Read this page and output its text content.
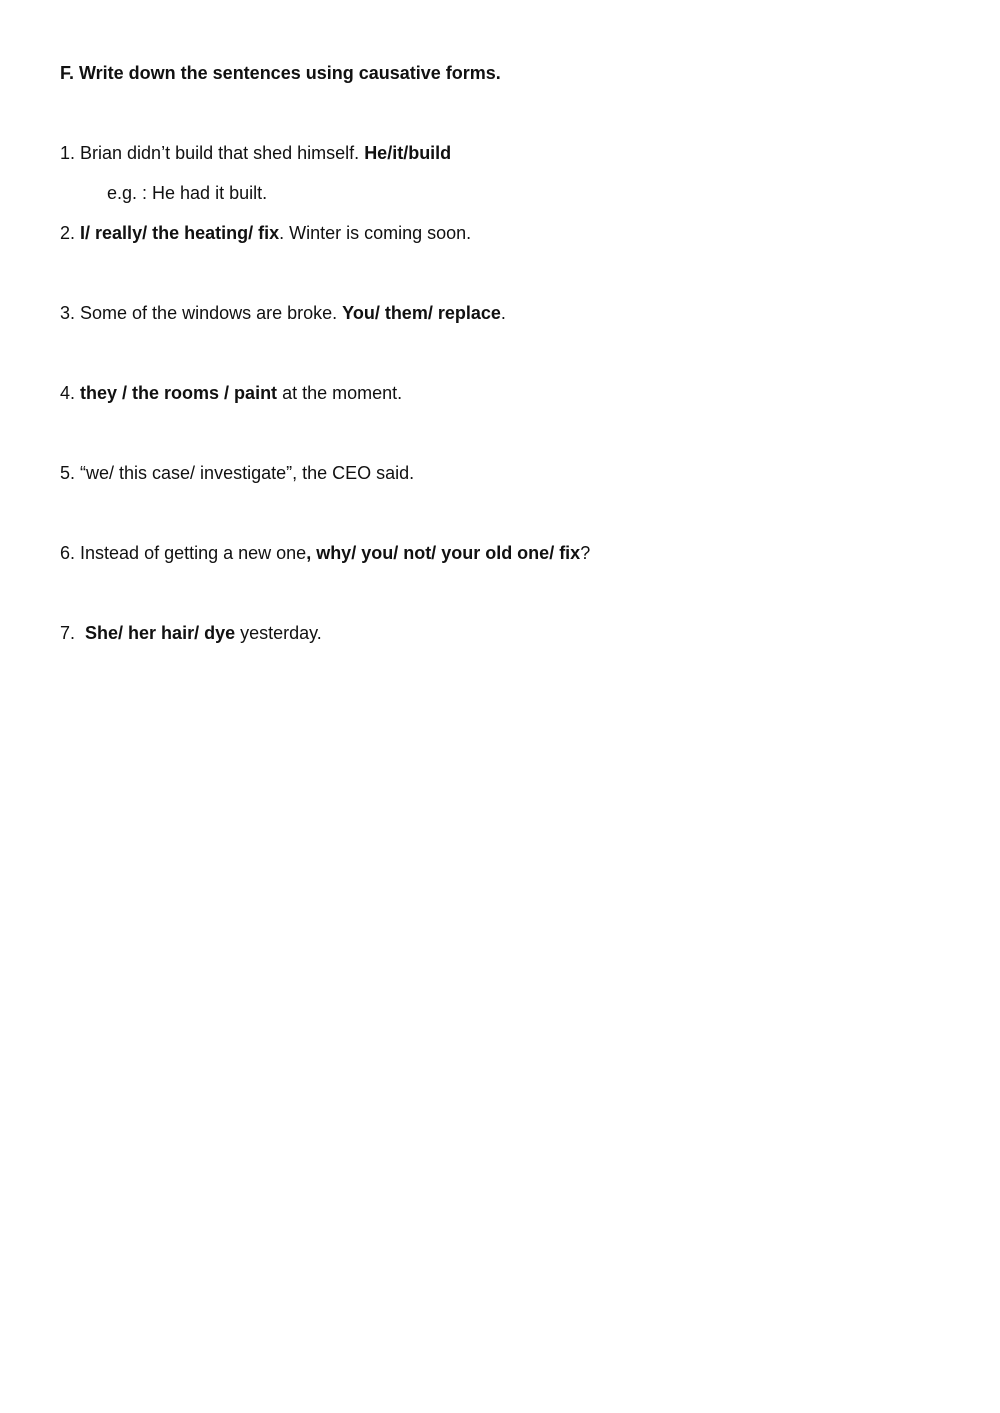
F. Write down the sentences using causative forms.
1. Brian didn’t build that shed himself. He/it/build
e.g. : He had it built.
2. I/ really/ the heating/ fix. Winter is coming soon.
3. Some of the windows are broke. You/ them/ replace.
4. they / the rooms / paint at the moment.
5. “we/ this case/ investigate”, the CEO said.
6. Instead of getting a new one, why/ you/ not/ your old one/ fix?
7. She/ her hair/ dye yesterday.
